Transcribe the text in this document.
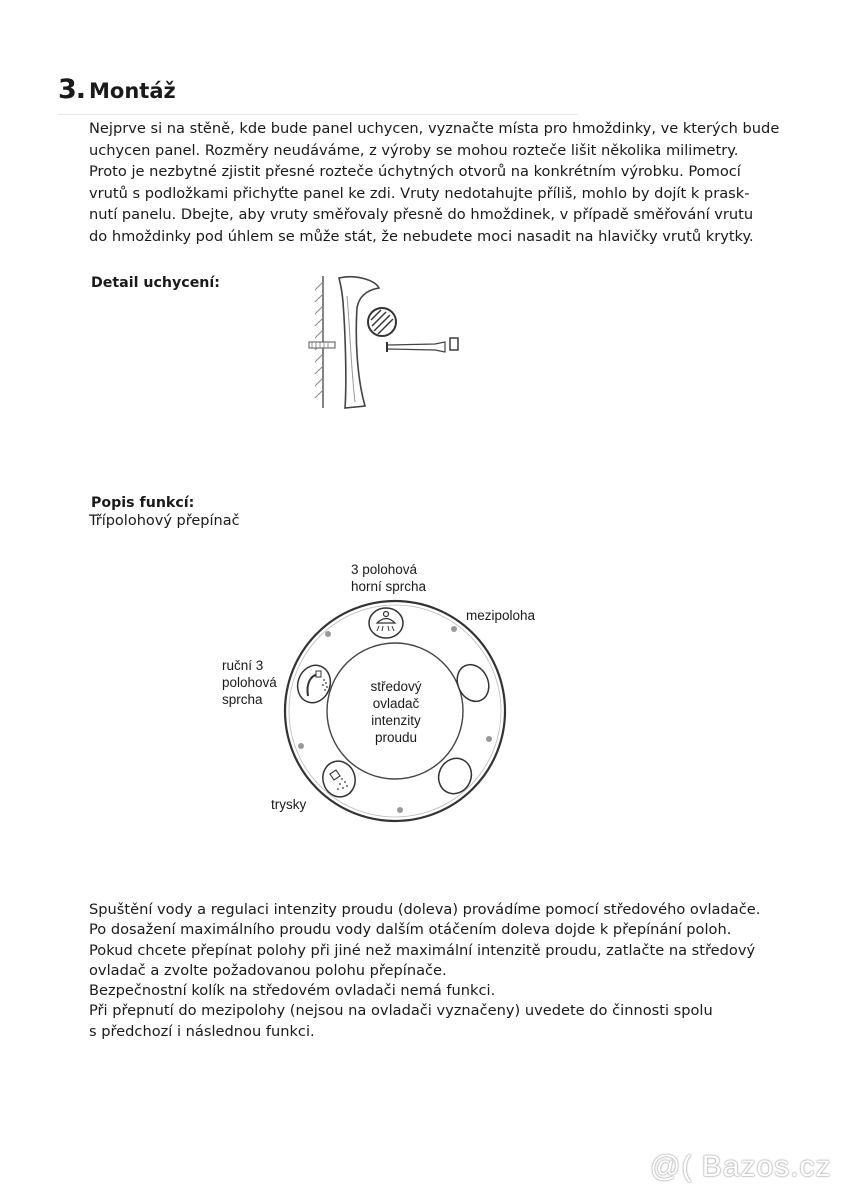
3. Montáž
Nejprve si na stěně, kde bude panel uchycen, vyznačte místa pro hmoždinky, ve kterých bude
uchycen panel. Rozměry neudáváme, z výroby se mohou rozteče lišit několika milimetry.
Proto je nezbytné zjistit přesné rozteče úchytných otvorů na konkrétním výrobku. Pomocí
vrutů s podložkami přichyťte panel ke zdi. Vruty nedotahujte příliš, mohlo by dojít k prask-
nutí panelu. Dbejte, aby vruty směřovaly přesně do hmoždinek, v případě směřování vrutu
do hmoždinky pod úhlem se může stát, že nebudete moci nasadit na hlavičky vrutů krytky.
Detail uchycení:
Popis funkcí:
Třípolohový přepínač
3 polohová
horní sprcha
mezipoloha
ruční 3
polohová
sprcha
trysky
středový
ovladač
intenzity
proudu
Spuštění vody a regulaci intenzity proudu (doleva) provádíme pomocí středového ovladače.
Po dosažení maximálního proudu vody dalším otáčením doleva dojde k přepínání poloh.
Pokud chcete přepínat polohy při jiné než maximální intenzitě proudu, zatlačte na středový
ovladač a zvolte požadovanou polohu přepínače.
Bezpečnostní kolík na středovém ovladači nemá funkci.
Při přepnutí do mezipolohy (nejsou na ovladači vyznačeny) uvedete do činnosti spolu
s předchozí i následnou funkci.
@( Bazos.cz
